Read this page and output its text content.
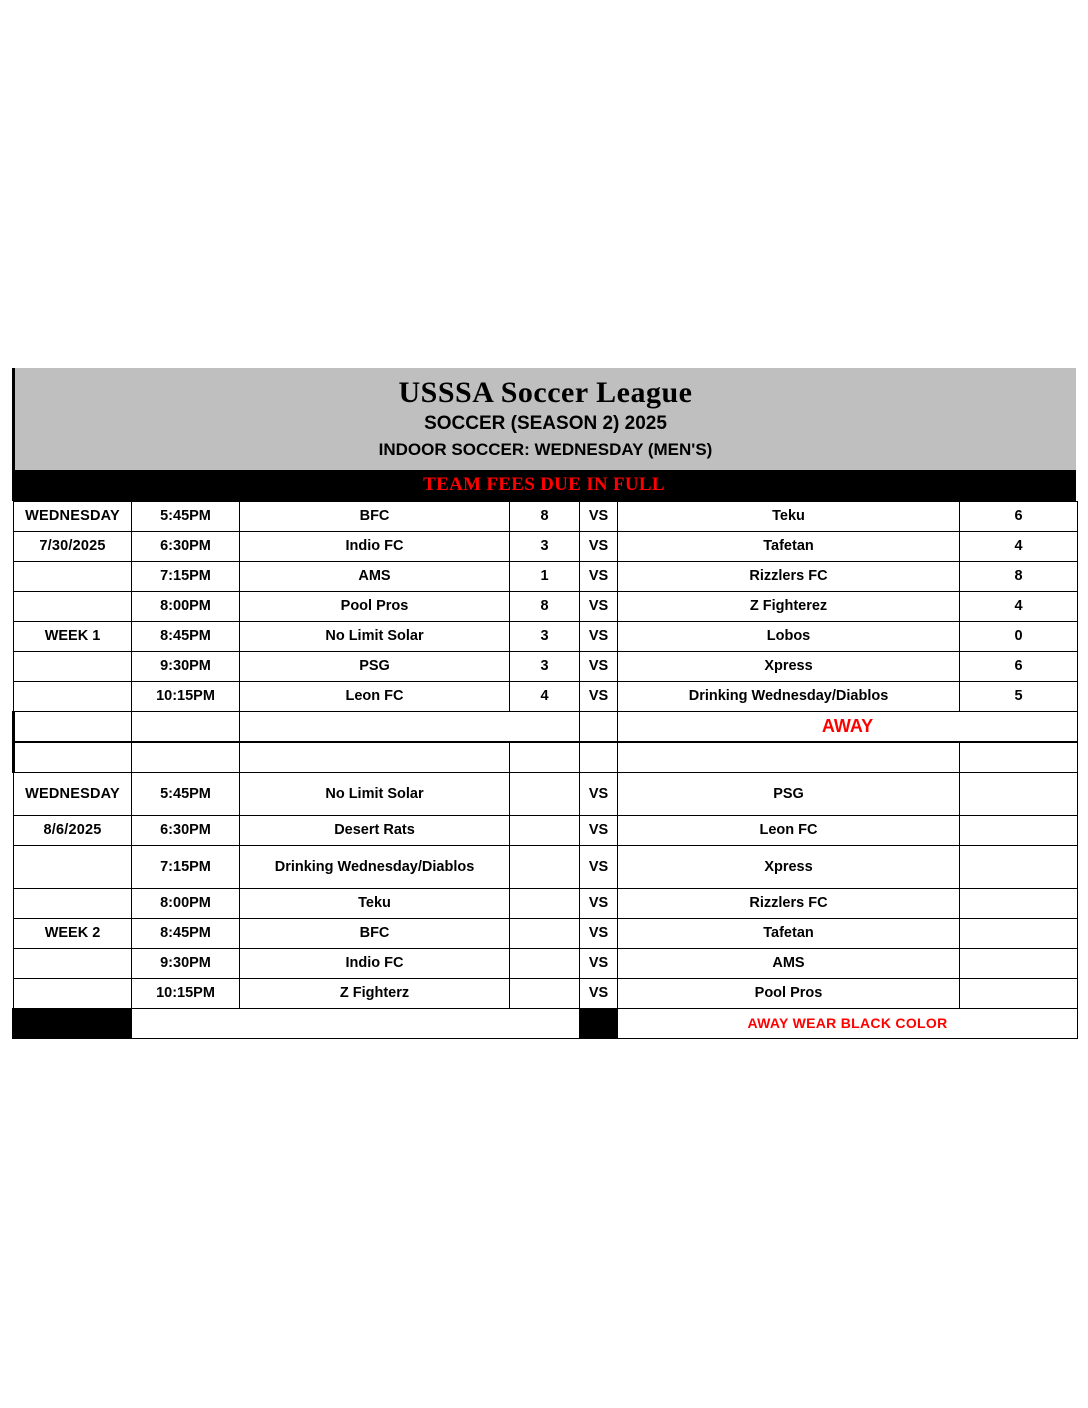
USSSA Soccer League
SOCCER (SEASON 2) 2025
INDOOR SOCCER: WEDNESDAY (MEN'S)
TEAM FEES DUE IN FULL
WEDNESDAY	5:45PM	BFC	8	VS	Teku	6
7/30/2025	6:30PM	Indio FC	3	VS	Tafetan	4
	7:15PM	AMS	1	VS	Rizzlers FC	8
	8:00PM	Pool Pros	8	VS	Z Fighterez	4
WEEK 1	8:45PM	No Limit Solar	3	VS	Lobos	0
	9:30PM	PSG	3	VS	Xpress	6
	10:15PM	Leon FC	4	VS	Drinking Wednesday/Diablos	5
		HOME			AWAY	

WEDNESDAY	5:45PM	No Limit Solar		VS	PSG	
8/6/2025	6:30PM	Desert Rats		VS	Leon FC	
	7:15PM	Drinking Wednesday/Diablos		VS	Xpress	
	8:00PM	Teku		VS	Rizzlers FC	
WEEK 2	8:45PM	BFC		VS	Tafetan	
	9:30PM	Indio FC		VS	AMS	
	10:15PM	Z Fighterz		VS	Pool Pros	
	HOME WEAR WHITE COLOR				AWAY WEAR BLACK COLOR	
